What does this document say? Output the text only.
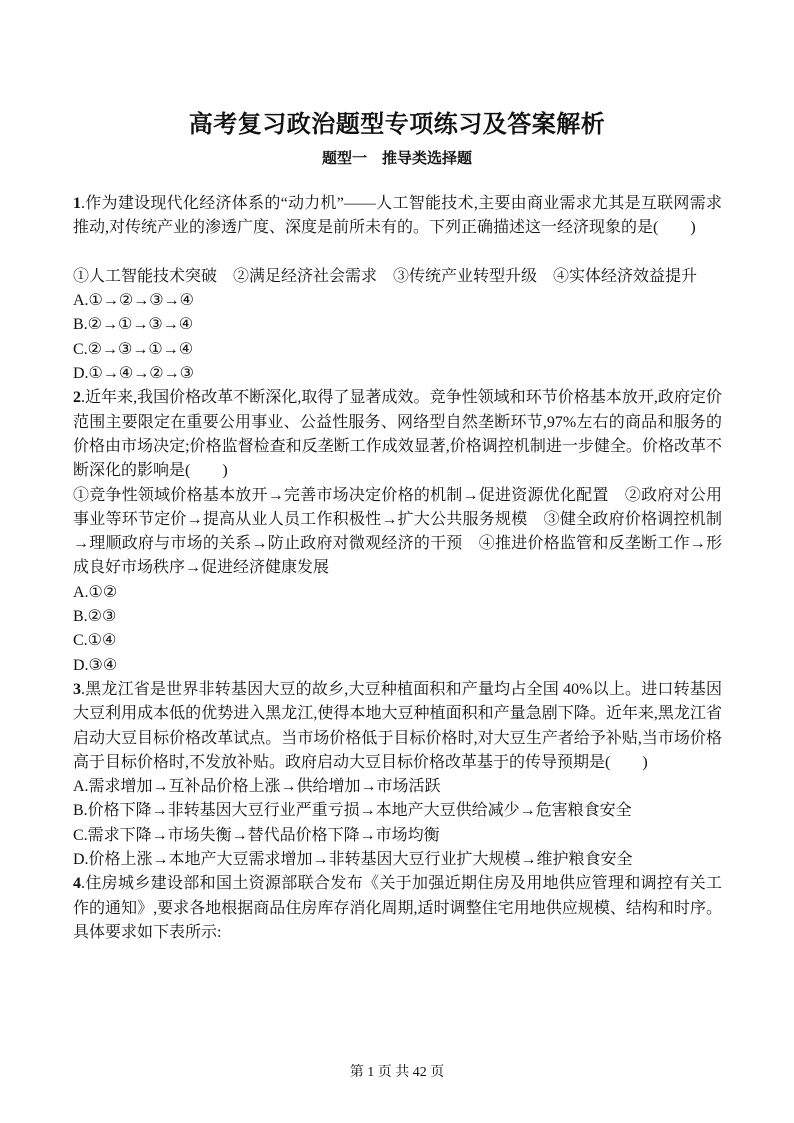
高考复习政治题型专项练习及答案解析
题型一　推导类选择题
1.作为建设现代化经济体系的“动力机”——人工智能技术,主要由商业需求尤其是互联网需求
推动,对传统产业的渗透广度、深度是前所未有的。下列正确描述这一经济现象的是(　　)
①人工智能技术突破　②满足经济社会需求　③传统产业转型升级　④实体经济效益提升
A.①→②→③→④
B.②→①→③→④
C.②→③→①→④
D.①→④→②→③
2.近年来,我国价格改革不断深化,取得了显著成效。竞争性领域和环节价格基本放开,政府定价
范围主要限定在重要公用事业、公益性服务、网络型自然垄断环节,97%左右的商品和服务的
价格由市场决定;价格监督检查和反垄断工作成效显著,价格调控机制进一步健全。价格改革不
断深化的影响是(　　)
①竞争性领域价格基本放开→完善市场决定价格的机制→促进资源优化配置　②政府对公用
事业等环节定价→提高从业人员工作积极性→扩大公共服务规模　③健全政府价格调控机制
→理顺政府与市场的关系→防止政府对微观经济的干预　④推进价格监管和反垄断工作→形
成良好市场秩序→促进经济健康发展
A.①②
B.②③
C.①④
D.③④
3.黑龙江省是世界非转基因大豆的故乡,大豆种植面积和产量均占全国 40%以上。进口转基因
大豆利用成本低的优势进入黑龙江,使得本地大豆种植面积和产量急剧下降。近年来,黑龙江省
启动大豆目标价格改革试点。当市场价格低于目标价格时,对大豆生产者给予补贴,当市场价格
高于目标价格时,不发放补贴。政府启动大豆目标价格改革基于的传导预期是(　　)
A.需求增加→互补品价格上涨→供给增加→市场活跃
B.价格下降→非转基因大豆行业严重亏损→本地产大豆供给减少→危害粮食安全
C.需求下降→市场失衡→替代品价格下降→市场均衡
D.价格上涨→本地产大豆需求增加→非转基因大豆行业扩大规模→维护粮食安全
4.住房城乡建设部和国土资源部联合发布《关于加强近期住房及用地供应管理和调控有关工
作的通知》,要求各地根据商品住房库存消化周期,适时调整住宅用地供应规模、结构和时序。
具体要求如下表所示:
第 1 页 共 42 页
